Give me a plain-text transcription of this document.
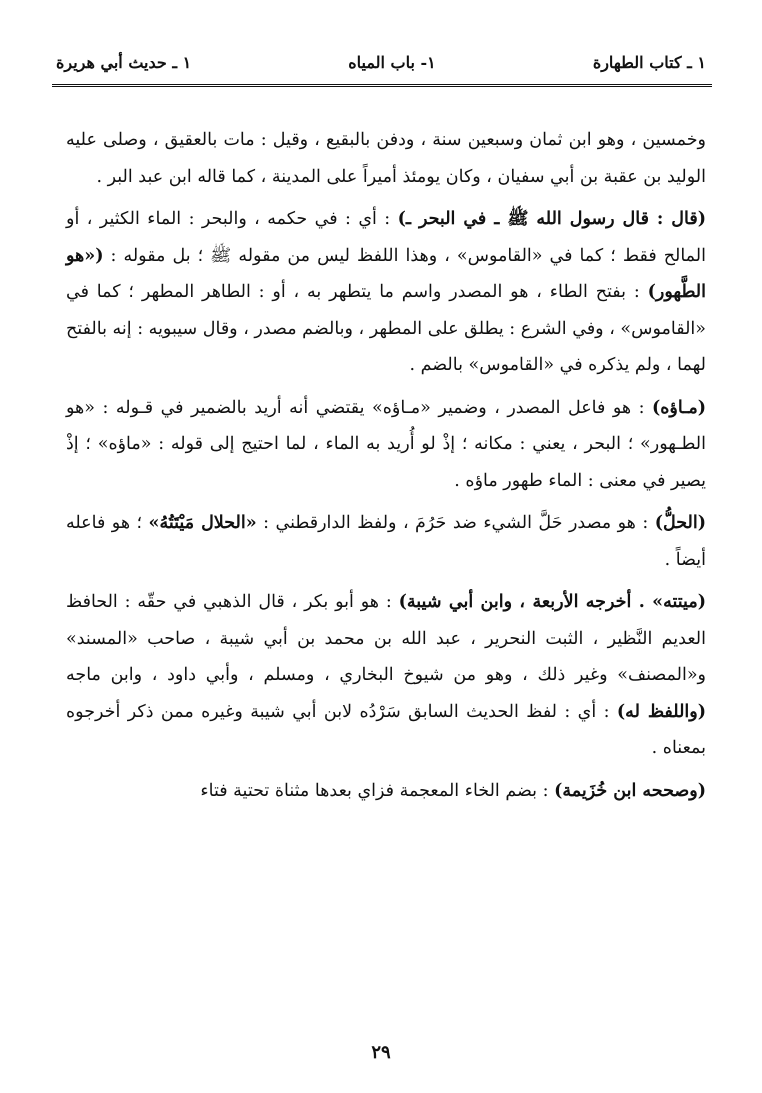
١ ـ كتاب الطهارة
١- باب المياه
١ ـ حديث أبي هريرة

وخمسين ، وهو ابن ثمان وسبعين سنة ، ودفن بالبقيع ، وقيل : مات بالعقيق ، وصلى عليه الوليد بن عقبة بن أبي سفيان ، وكان يومئذ أميراً على المدينة ، كما قاله ابن عبد البر .

(قال : قال رسول الله ﷺ ـ في البحر ـ) : أي : في حكمه ، والبحر : الماء الكثير ، أو المالح فقط ؛ كما في «القاموس» ، وهذا اللفظ ليس من مقوله ﷺ ؛ بل مقوله : («هو الطَّهور) : بفتح الطاء ، هو المصدر واسم ما يتطهر به ، أو : الطاهر المطهر ؛ كما في «القاموس» ، وفي الشرع : يطلق على المطهر ، وبالضم مصدر ، وقال سيبويه : إنه بالفتح لهما ، ولم يذكره في «القاموس» بالضم .

(مـاؤه) : هو فاعل المصدر ، وضمير «مـاؤه» يقتضي أنه أريد بالضمير في قـوله : «هو الطـهور» ؛ البحر ، يعني : مكانه ؛ إذْ لو أُريد به الماء ، لما احتيج إلى قوله : «ماؤه» ؛ إذْ يصير في معنى : الماء طهور ماؤه .

(الحلُّ) : هو مصدر حَلَّ الشيء ضد حَرُمَ ، ولفظ الدارقطني : «الحلال مَيْتَتُهُ» ؛ هو فاعله أيضاً .

(ميتته» . أخرجه الأربعة ، وابن أبي شيبة) : هو أبو بكر ، قال الذهبي في حقّه : الحافظ العديم النَّظير ، الثبت النحرير ، عبد الله بن محمد بن أبي شيبة ، صاحب «المسند» و«المصنف» وغير ذلك ، وهو من شيوخ البخاري ، ومسلم ، وأبي داود ، وابن ماجه (واللفظ له) : أي : لفظ الحديث السابق سَرْدُه لابن أبي شيبة وغيره ممن ذكر أخرجوه بمعناه .

(وصححه ابن خُزَيمة) : بضم الخاء المعجمة فزاي بعدها مثناة تحتية فتاء

٢٩
